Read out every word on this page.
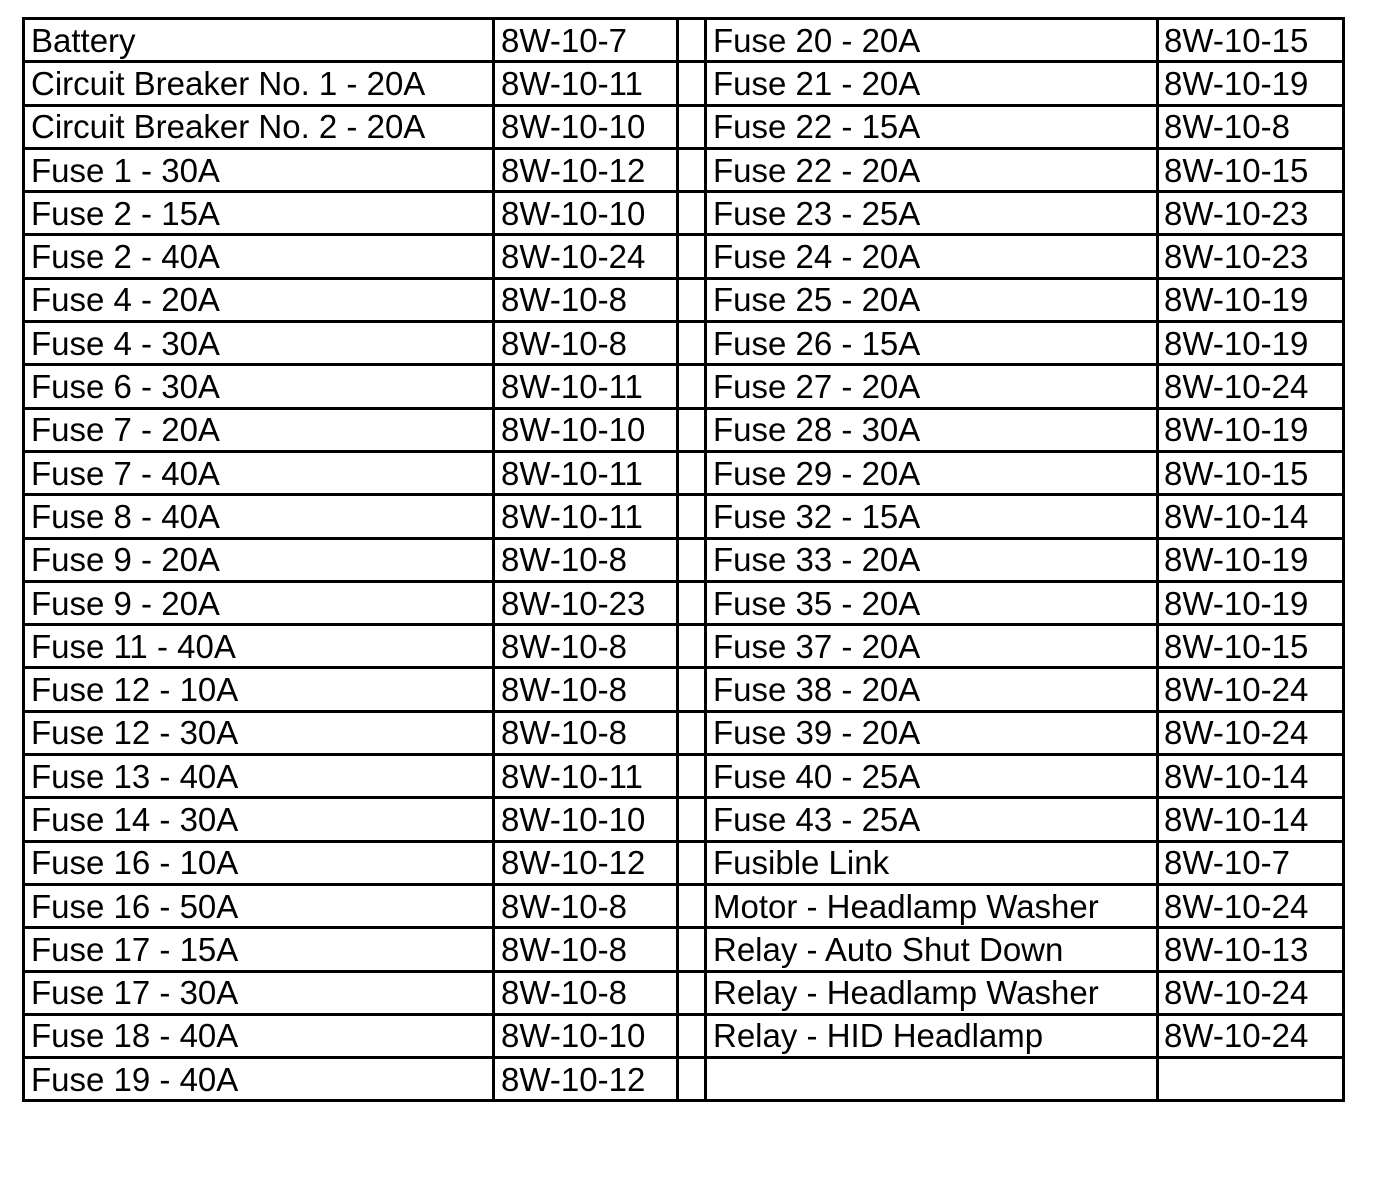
Battery	8W-10-7		Fuse 20 - 20A	8W-10-15
Circuit Breaker No. 1 - 20A	8W-10-11		Fuse 21 - 20A	8W-10-19
Circuit Breaker No. 2 - 20A	8W-10-10		Fuse 22 - 15A	8W-10-8
Fuse 1 - 30A	8W-10-12		Fuse 22 - 20A	8W-10-15
Fuse 2 - 15A	8W-10-10		Fuse 23 - 25A	8W-10-23
Fuse 2 - 40A	8W-10-24		Fuse 24 - 20A	8W-10-23
Fuse 4 - 20A	8W-10-8		Fuse 25 - 20A	8W-10-19
Fuse 4 - 30A	8W-10-8		Fuse 26 - 15A	8W-10-19
Fuse 6 - 30A	8W-10-11		Fuse 27 - 20A	8W-10-24
Fuse 7 - 20A	8W-10-10		Fuse 28 - 30A	8W-10-19
Fuse 7 - 40A	8W-10-11		Fuse 29 - 20A	8W-10-15
Fuse 8 - 40A	8W-10-11		Fuse 32 - 15A	8W-10-14
Fuse 9 - 20A	8W-10-8		Fuse 33 - 20A	8W-10-19
Fuse 9 - 20A	8W-10-23		Fuse 35 - 20A	8W-10-19
Fuse 11 - 40A	8W-10-8		Fuse 37 - 20A	8W-10-15
Fuse 12 - 10A	8W-10-8		Fuse 38 - 20A	8W-10-24
Fuse 12 - 30A	8W-10-8		Fuse 39 - 20A	8W-10-24
Fuse 13 - 40A	8W-10-11		Fuse 40 - 25A	8W-10-14
Fuse 14 - 30A	8W-10-10		Fuse 43 - 25A	8W-10-14
Fuse 16 - 10A	8W-10-12		Fusible Link	8W-10-7
Fuse 16 - 50A	8W-10-8		Motor - Headlamp Washer	8W-10-24
Fuse 17 - 15A	8W-10-8		Relay - Auto Shut Down	8W-10-13
Fuse 17 - 30A	8W-10-8		Relay - Headlamp Washer	8W-10-24
Fuse 18 - 40A	8W-10-10		Relay - HID Headlamp	8W-10-24
Fuse 19 - 40A	8W-10-12			
